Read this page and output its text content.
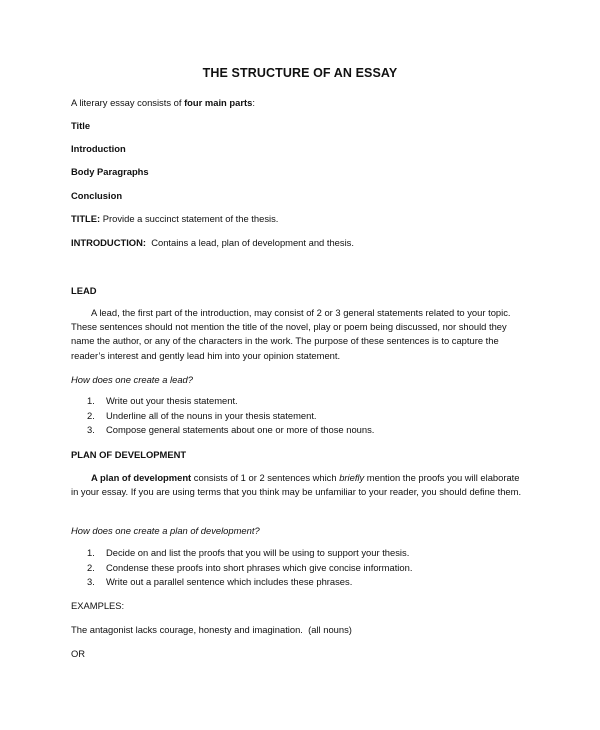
THE STRUCTURE OF AN ESSAY

A literary essay consists of four main parts:

Title

Introduction

Body Paragraphs

Conclusion

TITLE: Provide a succinct statement of the thesis.

INTRODUCTION:  Contains a lead, plan of development and thesis.

LEAD

A lead, the first part of the introduction, may consist of 2 or 3 general statements related to your topic. These sentences should not mention the title of the novel, play or poem being discussed, nor should they name the author, or any of the characters in the work. The purpose of these sentences is to capture the reader’s interest and gently lead him into your opinion statement.

How does one create a lead?

1. Write out your thesis statement.
2. Underline all of the nouns in your thesis statement.
3. Compose general statements about one or more of those nouns.

PLAN OF DEVELOPMENT

A plan of development consists of 1 or 2 sentences which briefly mention the proofs you will elaborate in your essay. If you are using terms that you think may be unfamiliar to your reader, you should define them.

How does one create a plan of development?

1. Decide on and list the proofs that you will be using to support your thesis.
2. Condense these proofs into short phrases which give concise information.
3. Write out a parallel sentence which includes these phrases.

EXAMPLES:

The antagonist lacks courage, honesty and imagination.  (all nouns)

OR
